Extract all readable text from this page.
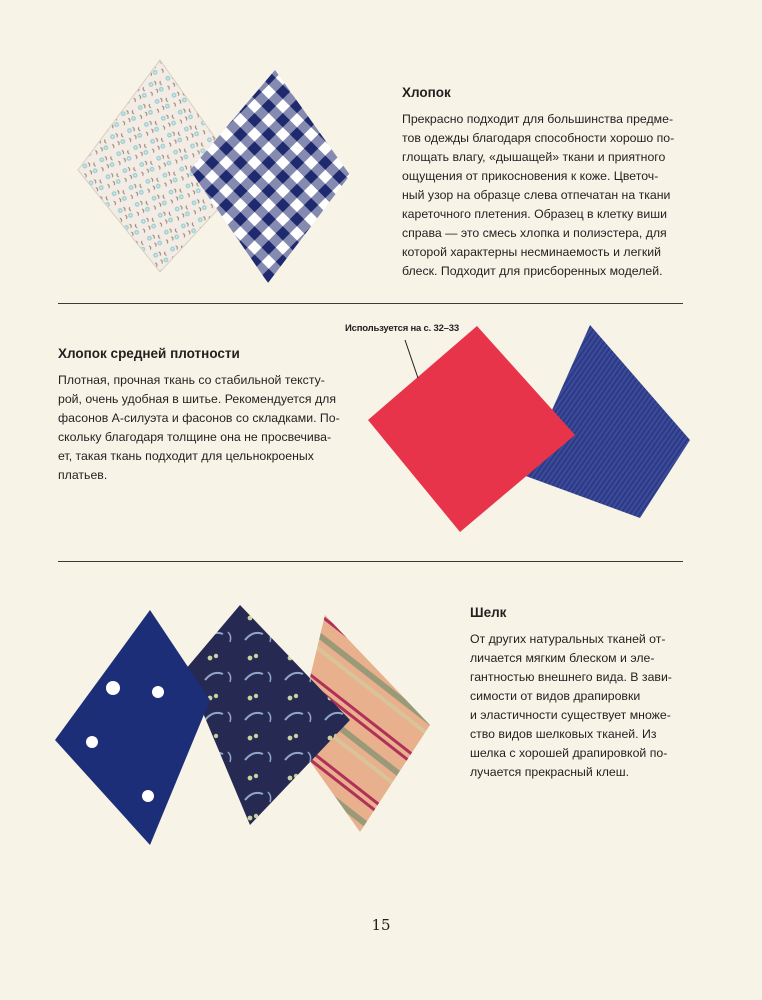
Хлопок
Прекрасно подходит для большинства предме-
тов одежды благодаря способности хорошо по-
глощать влагу, «дышащей» ткани и приятного
ощущения от прикосновения к коже. Цветоч-
ный узор на образце слева отпечатан на ткани
кареточного плетения. Образец в клетку виши
справа — это смесь хлопка и полиэстера, для
которой характерны несминаемость и легкий
блеск. Подходит для присборенных моделей.
Используется на с. 32–33
Хлопок средней плотности
Плотная, прочная ткань со стабильной тексту-
рой, очень удобная в шитье. Рекомендуется для
фасонов А-силуэта и фасонов со складками. По-
скольку благодаря толщине она не просвечива-
ет, такая ткань подходит для цельнокроеных
платьев.
Шелк
От других натуральных тканей от-
личается мягким блеском и эле-
гантностью внешнего вида. В зави-
симости от видов драпировки
и эластичности существует множе-
ство видов шелковых тканей. Из
шелка с хорошей драпировкой по-
лучается прекрасный клеш.
15
